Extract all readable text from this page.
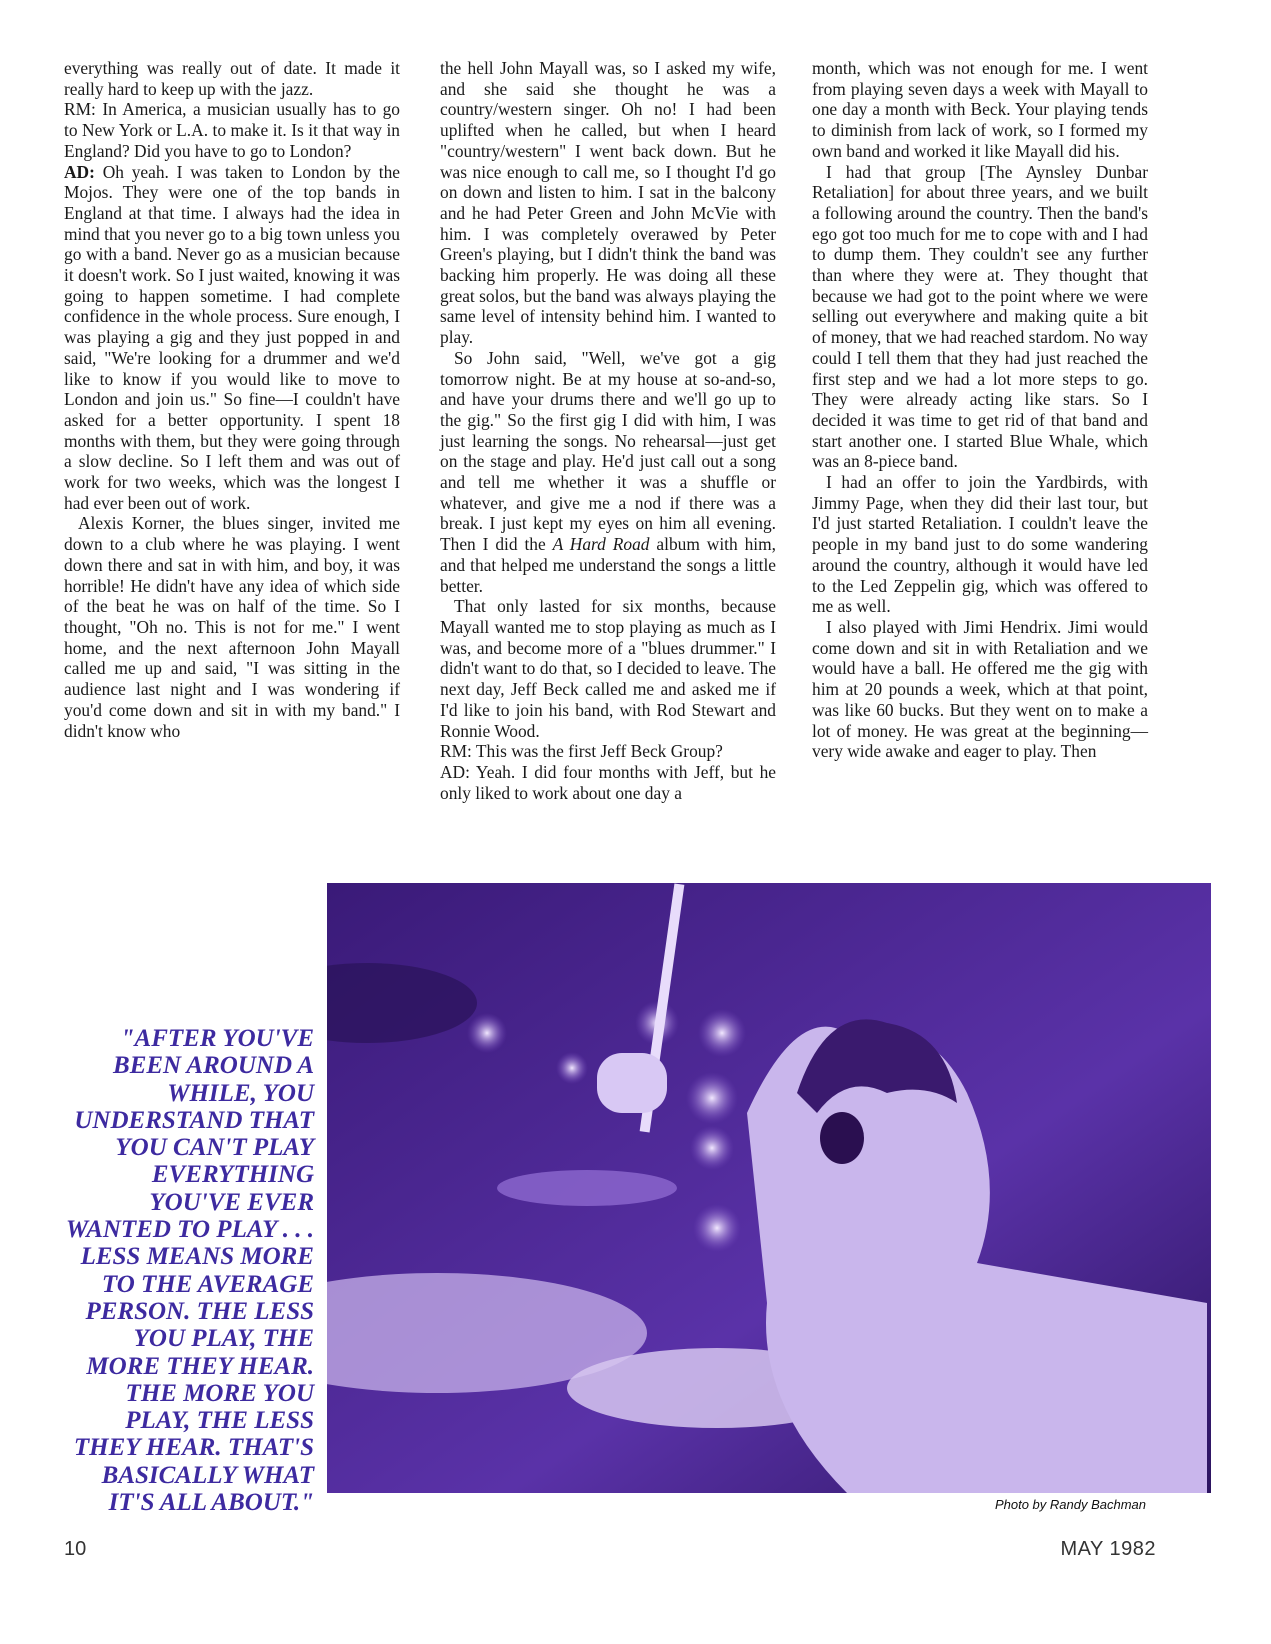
everything was really out of date. It made it really hard to keep up with the jazz.

RM: In America, a musician usually has to go to New York or L.A. to make it. Is it that way in England? Did you have to go to London?

AD: Oh yeah. I was taken to London by the Mojos. They were one of the top bands in England at that time. I always had the idea in mind that you never go to a big town unless you go with a band. Never go as a musician because it doesn't work. So I just waited, knowing it was going to happen sometime. I had complete confidence in the whole process. Sure enough, I was playing a gig and they just popped in and said, "We're looking for a drummer and we'd like to know if you would like to move to London and join us." So fine—I couldn't have asked for a better opportunity. I spent 18 months with them, but they were going through a slow decline. So I left them and was out of work for two weeks, which was the longest I had ever been out of work.

Alexis Korner, the blues singer, invited me down to a club where he was playing. I went down there and sat in with him, and boy, it was horrible! He didn't have any idea of which side of the beat he was on half of the time. So I thought, "Oh no. This is not for me." I went home, and the next afternoon John Mayall called me up and said, "I was sitting in the audience last night and I was wondering if you'd come down and sit in with my band." I didn't know who

the hell John Mayall was, so I asked my wife, and she said she thought he was a country/western singer. Oh no! I had been uplifted when he called, but when I heard "country/western" I went back down. But he was nice enough to call me, so I thought I'd go on down and listen to him. I sat in the balcony and he had Peter Green and John McVie with him. I was completely overawed by Peter Green's playing, but I didn't think the band was backing him properly. He was doing all these great solos, but the band was always playing the same level of intensity behind him. I wanted to play.

So John said, "Well, we've got a gig tomorrow night. Be at my house at so-and-so, and have your drums there and we'll go up to the gig." So the first gig I did with him, I was just learning the songs. No rehearsal—just get on the stage and play. He'd just call out a song and tell me whether it was a shuffle or whatever, and give me a nod if there was a break. I just kept my eyes on him all evening. Then I did the A Hard Road album with him, and that helped me understand the songs a little better.

That only lasted for six months, because Mayall wanted me to stop playing as much as I was, and become more of a "blues drummer." I didn't want to do that, so I decided to leave. The next day, Jeff Beck called me and asked me if I'd like to join his band, with Rod Stewart and Ronnie Wood.

RM: This was the first Jeff Beck Group?

AD: Yeah. I did four months with Jeff, but he only liked to work about one day a

month, which was not enough for me. I went from playing seven days a week with Mayall to one day a month with Beck. Your playing tends to diminish from lack of work, so I formed my own band and worked it like Mayall did his.

I had that group [The Aynsley Dunbar Retaliation] for about three years, and we built a following around the country. Then the band's ego got too much for me to cope with and I had to dump them. They couldn't see any further than where they were at. They thought that because we had got to the point where we were selling out everywhere and making quite a bit of money, that we had reached stardom. No way could I tell them that they had just reached the first step and we had a lot more steps to go. They were already acting like stars. So I decided it was time to get rid of that band and start another one. I started Blue Whale, which was an 8-piece band.

I had an offer to join the Yardbirds, with Jimmy Page, when they did their last tour, but I'd just started Retaliation. I couldn't leave the people in my band just to do some wandering around the country, although it would have led to the Led Zeppelin gig, which was offered to me as well.

I also played with Jimi Hendrix. Jimi would come down and sit in with Retaliation and we would have a ball. He offered me the gig with him at 20 pounds a week, which at that point, was like 60 bucks. But they went on to make a lot of money. He was great at the beginning—very wide awake and eager to play. Then

"AFTER YOU'VE BEEN AROUND A WHILE, YOU UNDERSTAND THAT YOU CAN'T PLAY EVERYTHING YOU'VE EVER WANTED TO PLAY . . . LESS MEANS MORE TO THE AVERAGE PERSON. THE LESS YOU PLAY, THE MORE THEY HEAR. THE MORE YOU PLAY, THE LESS THEY HEAR. THAT'S BASICALLY WHAT IT'S ALL ABOUT."	Photo by Randy Bachman
10	MAY 1982
